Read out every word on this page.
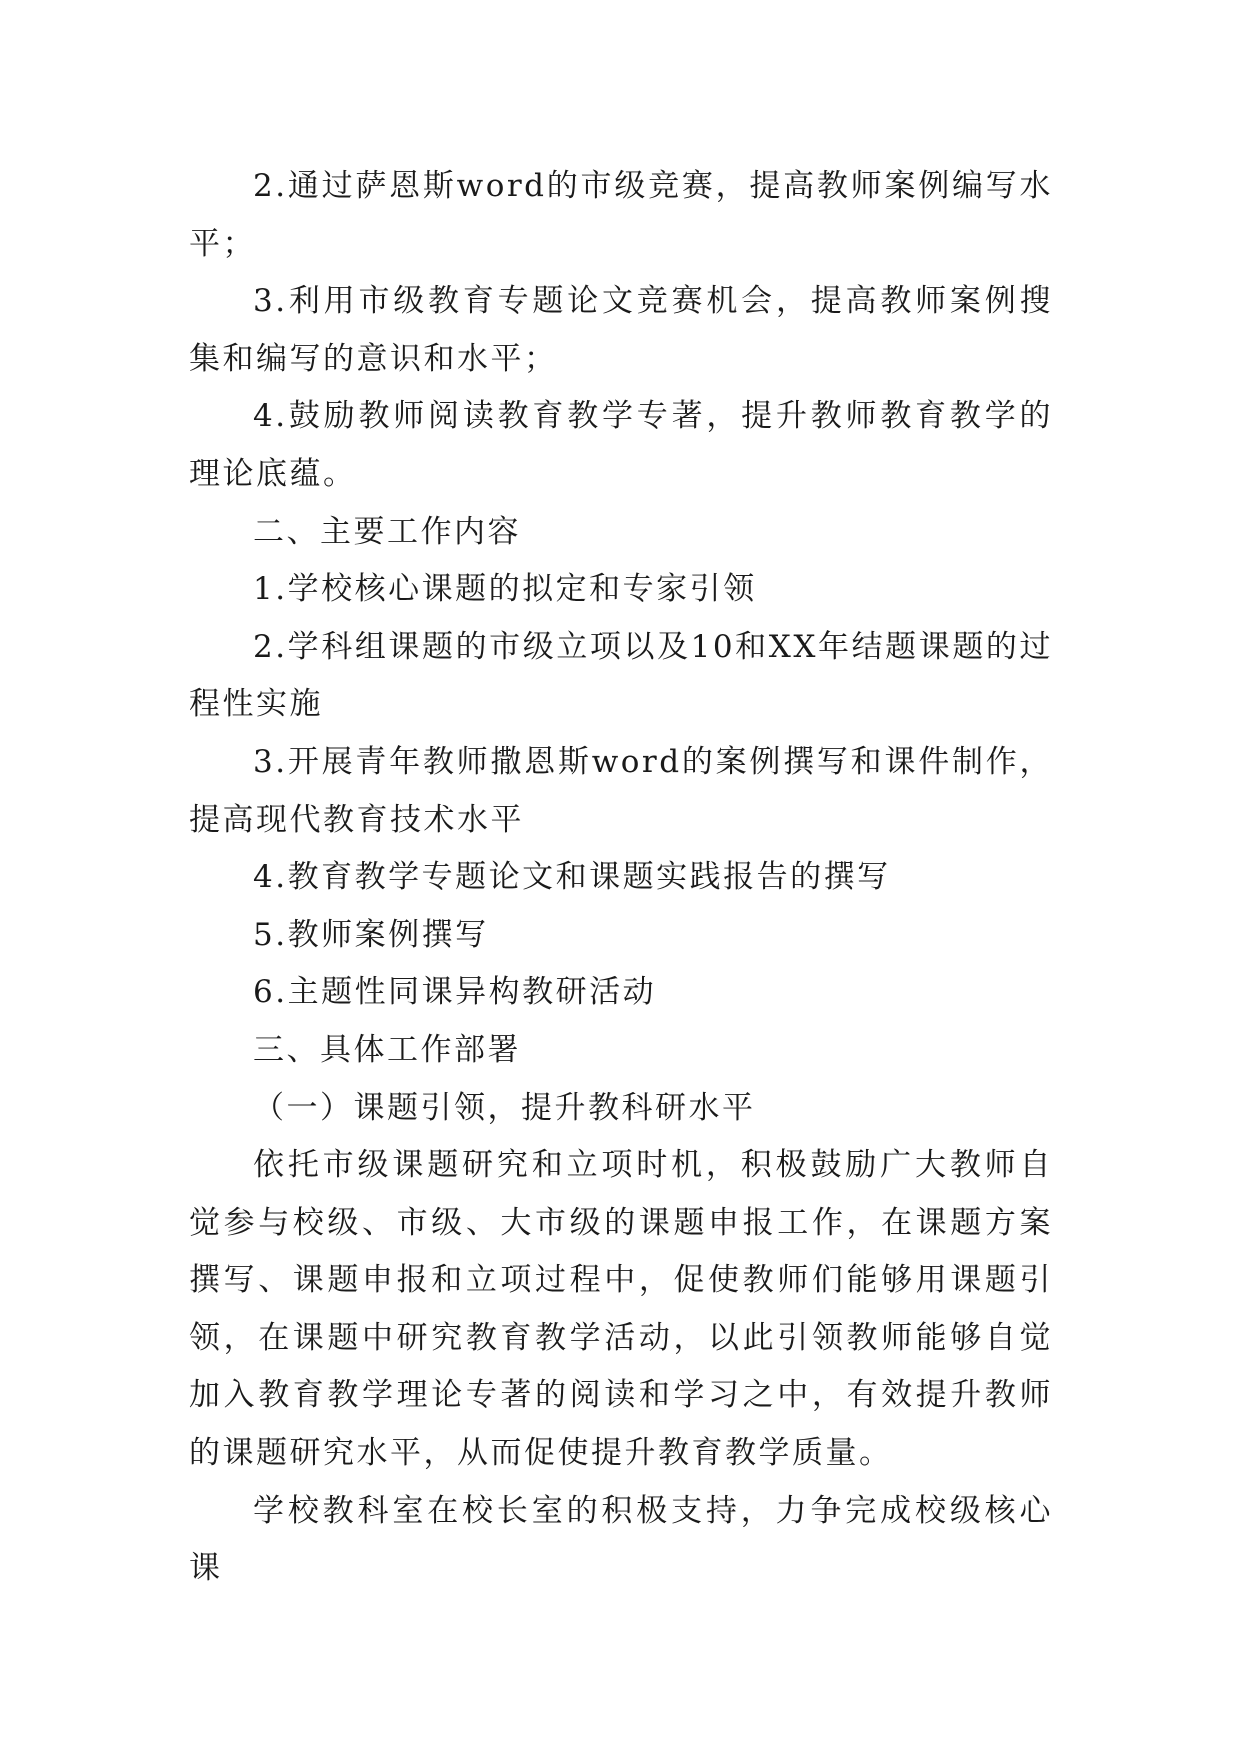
2.通过萨恩斯word的市级竞赛，提高教师案例编写水平；

3.利用市级教育专题论文竞赛机会，提高教师案例搜集和编写的意识和水平；

4.鼓励教师阅读教育教学专著，提升教师教育教学的理论底蕴。

二、主要工作内容

1.学校核心课题的拟定和专家引领

2.学科组课题的市级立项以及10和XX年结题课题的过程性实施

3.开展青年教师撒恩斯word的案例撰写和课件制作，提高现代教育技术水平

4.教育教学专题论文和课题实践报告的撰写

5.教师案例撰写

6.主题性同课异构教研活动

三、具体工作部署

（一）课题引领，提升教科研水平

依托市级课题研究和立项时机，积极鼓励广大教师自觉参与校级、市级、大市级的课题申报工作，在课题方案撰写、课题申报和立项过程中，促使教师们能够用课题引领，在课题中研究教育教学活动，以此引领教师能够自觉加入教育教学理论专著的阅读和学习之中，有效提升教师的课题研究水平，从而促使提升教育教学质量。

学校教科室在校长室的积极支持，力争完成校级核心课
